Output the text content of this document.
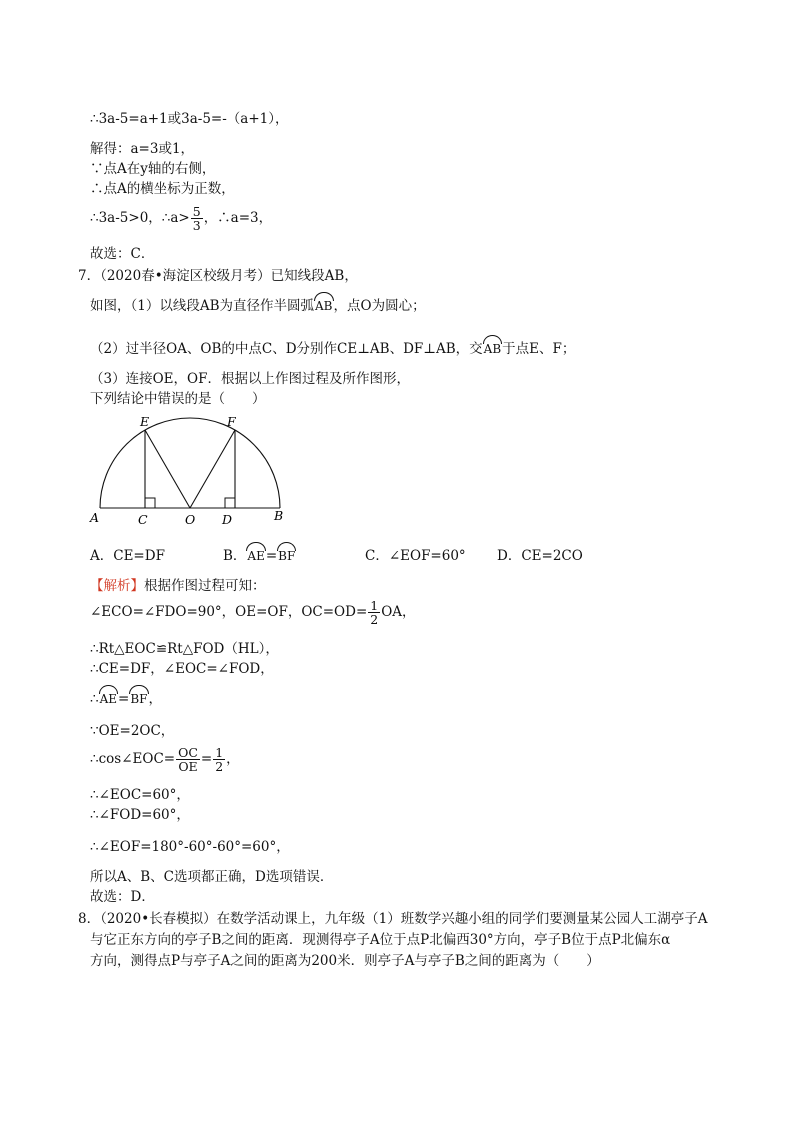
∴3a-5=a+1或3a-5=-（a+1），
解得：a=3或1，
∵点A在y轴的右侧，
∴点A的横坐标为正数，
∴3a-5>0，∴a> $\frac{5}{3}$ ，∴a=3，
故选：C．
7．（2020春•海淀区校级月考）已知线段AB，
如图，（1）以线段AB为直径作半圆弧AB，点O为圆心；
（2）过半径OA、OB的中点C、D分别作CE⊥AB、DF⊥AB，交AB于点E、F；
（3）连接OE，OF．根据以上作图过程及所作图形，
下列结论中错误的是（　　）
A	C	O D	B
E	F
A．CE=DF	B．AE=BF	C．∠EOF=60° D．CE=2CO
【解析】根据作图过程可知：
∠ECO=∠FDO=90°，OE=OF，$OC=OD= \frac{1}{2}$ OA，
∴Rt△EOC≌Rt△FOD（HL），
∴CE=DF，∠EOC=∠FOD，
∴AE=BF，
∵OE=2OC，
∴cos∠EOC= $\frac{OC}{OE} = \frac{1}{2}$ ，
∴∠EOC=60°，
∴∠FOD=60°，
∴∠EOF=180°-60°-60°=60°，
所以A、B、C选项都正确，D选项错误．
故选：D．
8．（2020•长春模拟）在数学活动课上，九年级（1）班数学兴趣小组的同学们要测量某公园人工湖亭子A
与它正东方向的亭子B之间的距离．现测得亭子A位于点P北偏西30°方向，亭子B位于点P北偏东α
方向，测得点P与亭子A之间的距离为200米．则亭子A与亭子B之间的距离为（　　）
